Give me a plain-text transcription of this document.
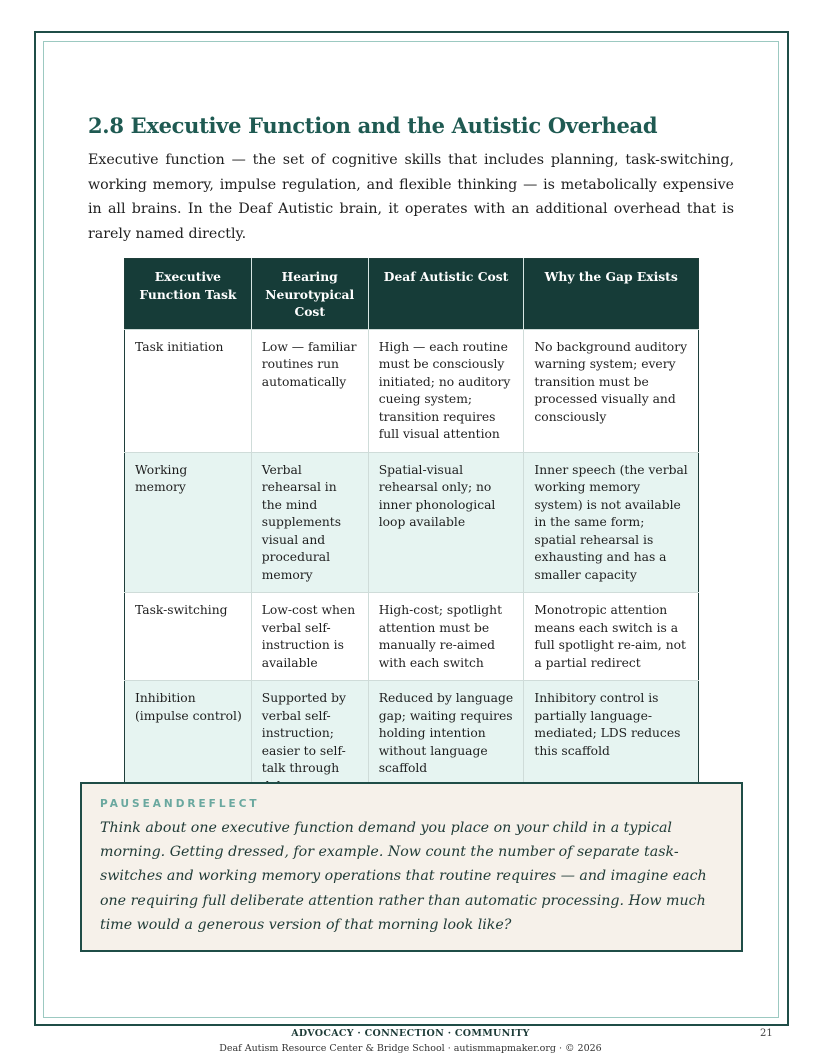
2.8 Executive Function and the Autistic Overhead

Executive function — the set of cognitive skills that includes planning, task-switching, working memory, impulse regulation, and flexible thinking — is metabolically expensive in all brains. In the Deaf Autistic brain, it operates with an additional overhead that is rarely named directly.

Executive Function Task	Hearing Neurotypical Cost	Deaf Autistic Cost	Why the Gap Exists
Task initiation	Low — familiar routines run automatically	High — each routine must be consciously initiated; no auditory cueing system; transition requires full visual attention	No background auditory warning system; every transition must be processed visually and consciously
Working memory	Verbal rehearsal in the mind supplements visual and procedural memory	Spatial-visual rehearsal only; no inner phonological loop available	Inner speech (the verbal working memory system) is not available in the same form; spatial rehearsal is exhausting and has a smaller capacity
Task-switching	Low-cost when verbal self-instruction is available	High-cost; spotlight attention must be manually re-aimed with each switch	Monotropic attention means each switch is a full spotlight re-aim, not a partial redirect
Inhibition (impulse control)	Supported by verbal self-instruction; easier to self-talk through	Reduced by language gap; waiting requires holding intention without language scaffold	Inhibitory control is partially language-mediated; LDS reduces this scaffold
PAUSEANDREFLECT
Think about one executive function demand you place on your child in a typical morning. Getting dressed, for example. Now count the number of separate task-switches and working memory operations that routine requires — and imagine each one requiring full deliberate attention rather than automatic processing. How much time would a generous version of that morning look like?
ADVOCACY · CONNECTION · COMMUNITY
Deaf Autism Resource Center & Bridge School · autismmapmaker.org · © 2026
21
